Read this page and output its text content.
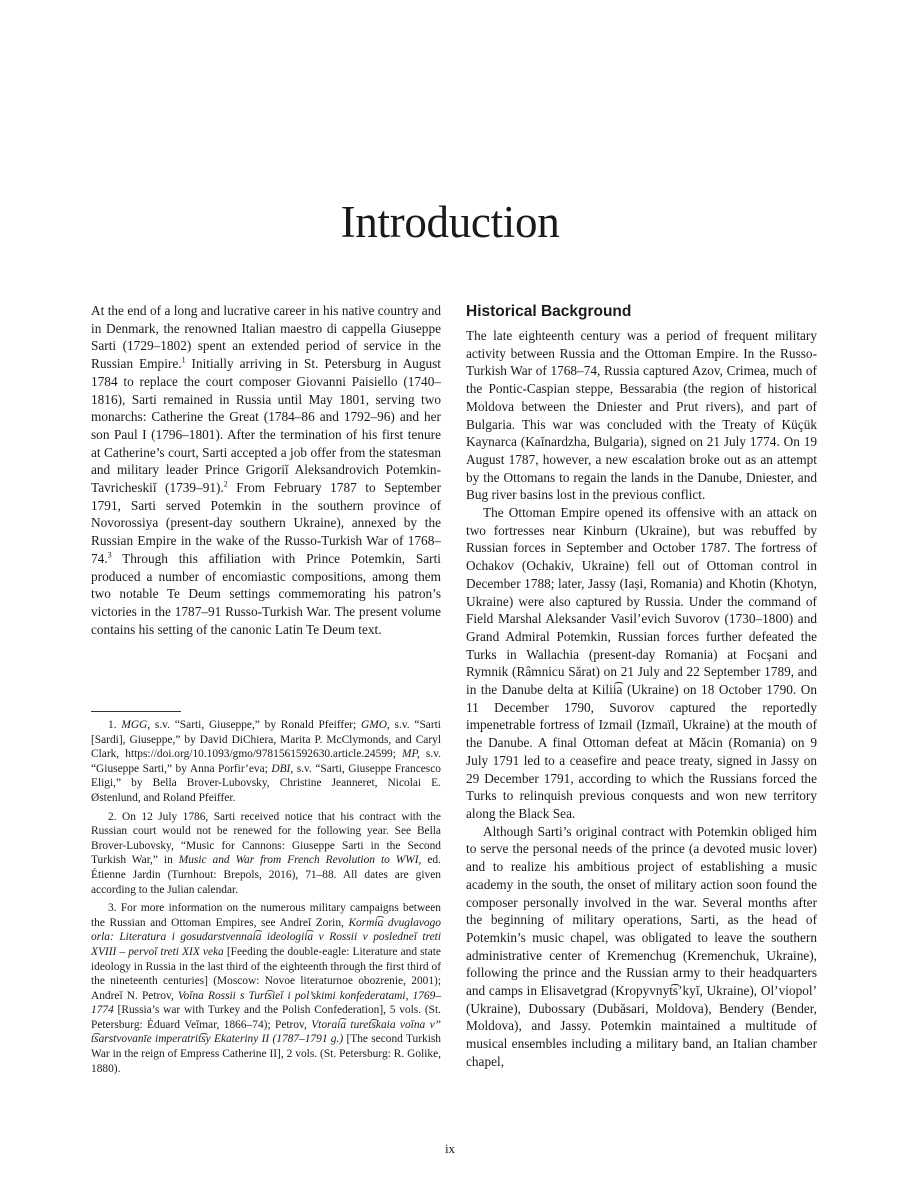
Introduction

At the end of a long and lucrative career in his native country and in Denmark, the renowned Italian maestro di cappella Giuseppe Sarti (1729–1802) spent an extended period of service in the Russian Empire.$^1$ Initially arriving in St. Petersburg in August 1784 to replace the court composer Giovanni Paisiello (1740–1816), Sarti remained in Russia until May 1801, serving two monarchs: Catherine the Great (1784–86 and 1792–96) and her son Paul I (1796–1801). After the termination of his first tenure at Catherine’s court, Sarti accepted a job offer from the statesman and military leader Prince Grigoriĭ Aleksandrovich Potemkin-Tavricheskiĭ (1739–91).$^2$ From February 1787 to September 1791, Sarti served Potemkin in the southern province of Novorossiya (present-day southern Ukraine), annexed by the Russian Empire in the wake of the Russo-Turkish War of 1768–74.$^3$ Through this affiliation with Prince Potemkin, Sarti produced a number of encomiastic compositions, among them two notable Te Deum settings commemorating his patron’s victories in the 1787–91 Russo-Turkish War. The present volume contains his setting of the canonic Latin Te Deum text.

1. MGG, s.v. “Sarti, Giuseppe,” by Ronald Pfeiffer; GMO, s.v. “Sarti [Sardi], Giuseppe,” by David DiChiera, Marita P. McClymonds, and Caryl Clark, https://doi.org/10.1093/gmo/9781561592630.article.24599; MP, s.v. “Giuseppe Sarti,” by Anna Porfir’eva; DBI, s.v. “Sarti, Giuseppe Francesco Eligi,” by Bella Brover-Lubovsky, Christine Jeanneret, Nicolai E. Østenlund, and Roland Pfeiffer.

2. On 12 July 1786, Sarti received notice that his contract with the Russian court would not be renewed for the following year. See Bella Brover-Lubovsky, “Music for Cannons: Giuseppe Sarti in the Second Turkish War,” in Music and War from French Revolution to WWI, ed. Étienne Jardin (Turnhout: Brepols, 2016), 71–88. All dates are given according to the Julian calendar.

3. For more information on the numerous military campaigns between the Russian and Ottoman Empires, see Andreĭ Zorin, Kormi͡a dvuglavogo orla: Literatura i gosudarstvennai͡a ideologii͡a v Rossii v posledneĭ treti XVIII – pervoĭ treti XIX veka [Feeding the double-eagle: Literature and state ideology in Russia in the last third of the eighteenth through the first third of the nineteenth centuries] (Moscow: Novoe literaturnoe obozrenie, 2001); Andreĭ N. Petrov, Voĭna Rossii s Turt͡sieĭ i pol’skimi konfederatami, 1769–1774 [Russia’s war with Turkey and the Polish Confederation], 5 vols. (St. Petersburg: Ėduard Veĭmar, 1866–74); Petrov, Vtorai͡a turet͡skaia voĭna v” t͡sarstvovanīe imperatrit͡sy Ekateriny II (1787–1791 g.) [The second Turkish War in the reign of Empress Catherine II], 2 vols. (St. Petersburg: R. Golike, 1880).

Historical Background

The late eighteenth century was a period of frequent military activity between Russia and the Ottoman Empire. In the Russo-Turkish War of 1768–74, Russia captured Azov, Crimea, much of the Pontic-Caspian steppe, Bessarabia (the region of historical Moldova between the Dniester and Prut rivers), and part of Bulgaria. This war was concluded with the Treaty of Küçük Kaynarca (Kaĭnardzha, Bulgaria), signed on 21 July 1774. On 19 August 1787, however, a new escalation broke out as an attempt by the Ottomans to regain the lands in the Danube, Dniester, and Bug river basins lost in the previous conflict.

The Ottoman Empire opened its offensive with an attack on two fortresses near Kinburn (Ukraine), but was rebuffed by Russian forces in September and October 1787. The fortress of Ochakov (Ochakiv, Ukraine) fell out of Ottoman control in December 1788; later, Jassy (Iași, Romania) and Khotin (Khotyn, Ukraine) were also captured by Russia. Under the command of Field Marshal Aleksander Vasil’evich Suvorov (1730–1800) and Grand Admiral Potemkin, Russian forces further defeated the Turks in Wallachia (present-day Romania) at Focșani and Rymnik (Râmnicu Sărat) on 21 July and 22 September 1789, and in the Danube delta at Kilii͡a (Ukraine) on 18 October 1790. On 11 December 1790, Suvorov captured the reportedly impenetrable fortress of Izmail (Izmaïl, Ukraine) at the mouth of the Danube. A final Ottoman defeat at Măcin (Romania) on 9 July 1791 led to a ceasefire and peace treaty, signed in Jassy on 29 December 1791, according to which the Russians forced the Turks to relinquish previous conquests and won new territory along the Black Sea.

Although Sarti’s original contract with Potemkin obliged him to serve the personal needs of the prince (a devoted music lover) and to realize his ambitious project of establishing a music academy in the south, the onset of military action soon found the composer personally involved in the war. Several months after the beginning of military operations, Sarti, as the head of Potemkin’s music chapel, was obligated to leave the southern administrative center of Kremenchug (Kremenchuk, Ukraine), following the prince and the Russian army to their headquarters and camps in Elisavetgrad (Kropyvnyt͡s’kyĭ, Ukraine), Ol’viopol’ (Ukraine), Dubossary (Dubăsari, Moldova), Bendery (Bender, Moldova), and Jassy. Potemkin maintained a multitude of musical ensembles including a military band, an Italian chamber chapel,

ix
